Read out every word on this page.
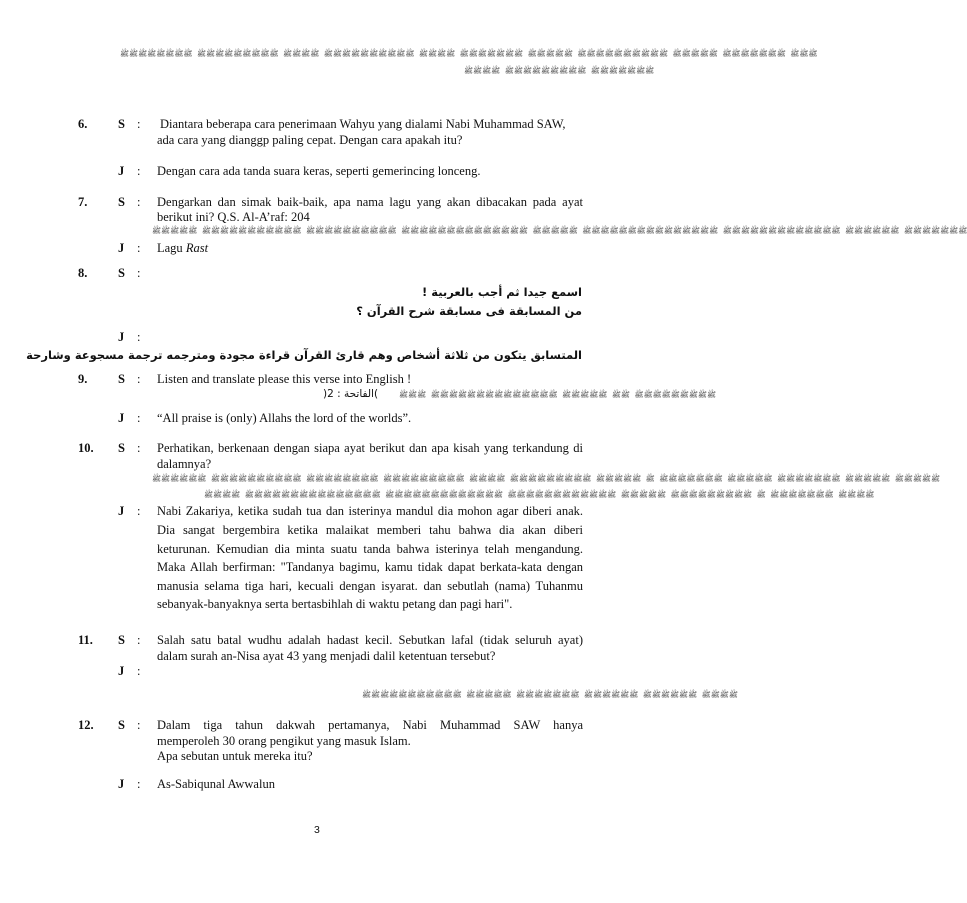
ﷺﷺﷺ ﷺﷺﷺﷺﷺﷺﷺ ﷺﷺﷺﷺﷺ ﷺﷺﷺﷺﷺﷺﷺﷺﷺﷺ ﷺﷺﷺﷺﷺ ﷺﷺﷺﷺﷺﷺﷺ ﷺﷺﷺﷺ ﷺﷺﷺﷺﷺﷺﷺﷺﷺﷺ ﷺﷺﷺﷺ ﷺﷺﷺﷺﷺﷺﷺﷺﷺ ﷺﷺﷺﷺﷺﷺﷺﷺ
ﷺﷺﷺﷺﷺﷺﷺ ﷺﷺﷺﷺﷺﷺﷺﷺﷺ ﷺﷺﷺﷺ
6. S : Diantara beberapa cara penerimaan Wahyu yang dialami Nabi Muhammad SAW,
ada cara yang dianggp paling cepat. Dengan cara apakah itu?
J : Dengan cara ada tanda suara keras, seperti gemerincing lonceng.
7. S : Dengarkan dan simak baik-baik, apa nama lagu yang akan dibacakan pada ayat
berikut ini? Q.S. Al-A’raf: 204
ﷺﷺﷺﷺﷺﷺﷺ ﷺﷺﷺﷺﷺﷺ ﷺﷺﷺﷺﷺﷺﷺﷺﷺﷺﷺﷺﷺ ﷺﷺﷺﷺﷺﷺﷺﷺﷺﷺﷺﷺﷺﷺﷺ ﷺﷺﷺﷺﷺ ﷺﷺﷺﷺﷺﷺﷺﷺﷺﷺﷺﷺﷺﷺ ﷺﷺﷺﷺﷺﷺﷺﷺﷺﷺ ﷺﷺﷺﷺﷺﷺﷺﷺﷺﷺﷺ ﷺﷺﷺﷺﷺ
J : Lagu Rast
8. S :
اسمع جيدا ثم أجب بالعربية !
من المسابقة فى مسابقة شرح القرآن ؟
J :
المتسابق يتكون من ثلاثة أشخاص وهم قارئ القرآن قراءة مجودة ومترجمه ترجمة مسجوعة وشارحة
9. S : Listen and translate please this verse into English !
ﷺﷺﷺﷺﷺﷺﷺﷺﷺ ﷺﷺ ﷺﷺﷺﷺﷺ ﷺﷺﷺﷺﷺﷺﷺﷺﷺﷺﷺﷺﷺﷺ ﷺﷺﷺ
)2 : الفاتحة(
J : “All praise is (only) Allahs the lord of the worlds”.
10. S : Perhatikan, berkenaan dengan siapa ayat berikut dan apa kisah yang terkandung di
dalamnya?
ﷺﷺﷺﷺﷺ ﷺﷺﷺﷺﷺ ﷺﷺﷺﷺﷺﷺﷺ ﷺﷺﷺﷺﷺ ﷺﷺﷺﷺﷺﷺﷺ ﷺ ﷺﷺﷺﷺﷺ ﷺﷺﷺﷺﷺﷺﷺﷺﷺ ﷺﷺﷺﷺ ﷺﷺﷺﷺﷺﷺﷺﷺﷺ ﷺﷺﷺﷺﷺﷺﷺﷺ ﷺﷺﷺﷺﷺﷺﷺﷺﷺﷺ ﷺﷺﷺﷺﷺﷺ
ﷺﷺﷺﷺ ﷺﷺﷺﷺﷺﷺﷺ ﷺ ﷺﷺﷺﷺﷺﷺﷺﷺﷺ ﷺﷺﷺﷺﷺ ﷺﷺﷺﷺﷺﷺﷺﷺﷺﷺﷺﷺ ﷺﷺﷺﷺﷺﷺﷺﷺﷺﷺﷺﷺﷺ ﷺﷺﷺﷺﷺﷺﷺﷺﷺﷺﷺﷺﷺﷺﷺ ﷺﷺﷺﷺ
J : Nabi Zakariya, ketika sudah tua dan isterinya mandul dia mohon agar diberi anak.
Dia sangat bergembira ketika malaikat memberi tahu bahwa dia akan diberi
keturunan. Kemudian dia minta suatu tanda bahwa isterinya telah mengandung.
Maka Allah berfirman: "Tandanya bagimu, kamu tidak dapat berkata-kata dengan
manusia selama tiga hari, kecuali dengan isyarat. dan sebutlah (nama) Tuhanmu
sebanyak-banyaknya serta bertasbihlah di waktu petang dan pagi hari".
11. S : Salah satu batal wudhu adalah hadast kecil. Sebutkan lafal (tidak seluruh ayat)
dalam surah an-Nisa ayat 43 yang menjadi dalil ketentuan tersebut?
J :
ﷺﷺﷺﷺ ﷺﷺﷺﷺﷺﷺ ﷺﷺﷺﷺﷺﷺ ﷺﷺﷺﷺﷺﷺﷺ ﷺﷺﷺﷺﷺ ﷺﷺﷺﷺﷺﷺﷺﷺﷺﷺﷺ
12. S : Dalam tiga tahun dakwah pertamanya, Nabi Muhammad SAW hanya
memperoleh 30 orang pengikut yang masuk Islam.
Apa sebutan untuk mereka itu?
J : As-Sabiqunal Awwalun
3
